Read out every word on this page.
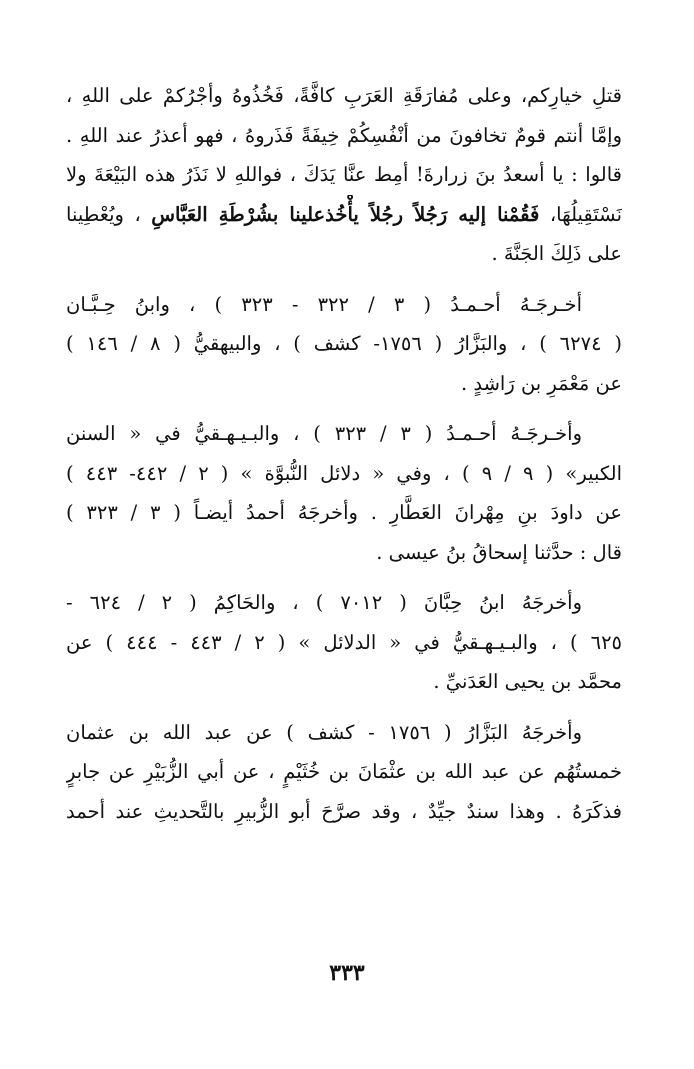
قتلِ خيارِكم، وعلى مُفارَقَةِ العَرَبِ كافَّةً، فَخُذُوهُ وأجْرُكمْ على اللهِ ،
وإمَّا أنتم قومٌ تخافونَ من أنْفُسِكُمْ خِيفَةً فَذَروهُ ، فهو أعذرُ عند اللهِ .
قالوا : يا أسعدُ بنَ زرارةَ! أمِط عنَّا يَدَكَ ، فواللهِ لا نَذَرُ هذه البَيْعَةَ ولا
نَسْتَقِيلُهَا، فَقُمْنا إليه رَجُلاً رجُلاً يأْخُذعلينا بشُرْطَةِ العَبَّاسِ ، ويُعْطِينا
على ذَلِكَ الجَنَّةَ .
أخـرجَـهُ أحـمـدُ ( ٣ / ٣٢٢ - ٣٢٣ ) ، وابنُ حِـبَّـان
( ٦٢٧٤ ) ، والبَزَّارُ ( ١٧٥٦- كشف ) ، والبيهقيُّ ( ٨ / ١٤٦ )
عن مَعْمَرِ بن رَاشِدٍ .
وأخـرجَـهُ أحـمـدُ ( ٣ / ٣٢٣ ) ، والبـيـهـقيُّ في « السنن
الكبير» ( ٩ / ٩ ) ، وفي « دلائل النُّبوَّة » ( ٢ / ٤٤٢- ٤٤٣ )
عن داودَ بنِ مِهْرانَ العَطَّارِ . وأخرجَهُ أحمدُ أيضـاً ( ٣ / ٣٢٣ )
قال : حدَّثنا إسحاقُ بنُ عيسى .
وأخرجَهُ ابنُ حِبَّانَ ( ٧٠١٢ ) ، والحَاكِمُ ( ٢ / ٦٢٤ -
٦٢٥ ) ، والبـيـهـقيُّ في « الدلائل » ( ٢ / ٤٤٣ - ٤٤٤ ) عن
محمَّد بن يحيى العَدَنيِّ .
وأخرجَهُ البَزَّارُ ( ١٧٥٦ - كشف ) عن عبد الله بن عثمان
خمستُهُم عن عبد الله بن عثْمَانَ بن خُثَيْمٍ ، عن أبي الزُّبَيْرِ عن جابرٍ
فذكَرَهُ . وهذا سندٌ جيِّدٌ ، وقد صرَّحَ أبو الزُّبيرِ بالتَّحديثِ عند أحمد
٣٣٣
